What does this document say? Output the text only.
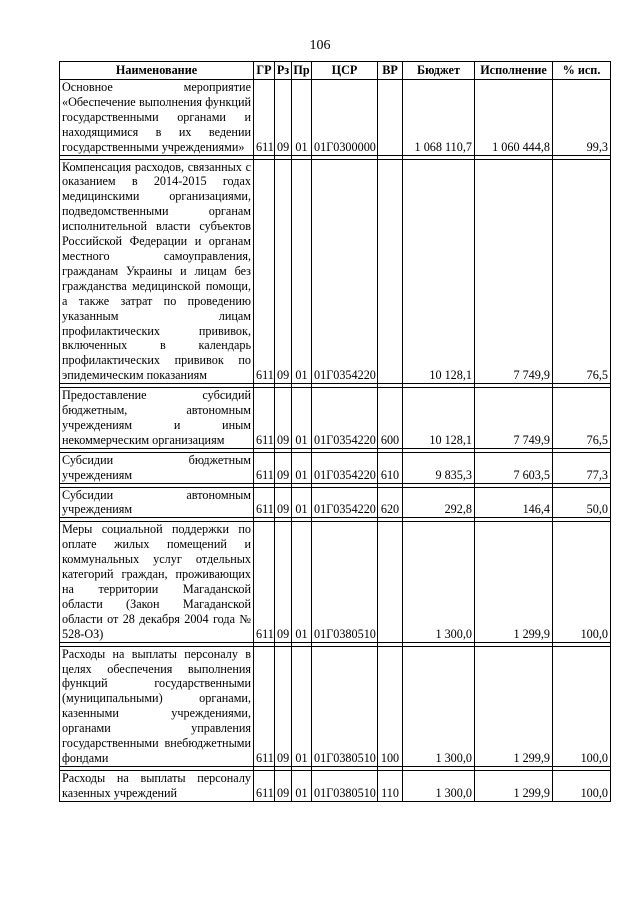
106
Наименование	ГР	Рз	Пр	ЦСР	ВР	Бюджет	Исполнение	% исп.
Основное мероприятие «Обеспечение выполнения функций государственными органами и находящимися в их ведении государственными учреждениями»	611	09	01	01Г0300000		1 068 110,7	1 060 444,8	99,3

Компенсация расходов, связанных с оказанием в 2014-2015 годах медицинскими организациями, подведомственными органам исполнительной власти субъектов Российской Федерации и органам местного самоуправления, гражданам Украины и лицам без гражданства медицинской помощи, а также затрат по проведению указанным лицам профилактических прививок, включенных в календарь профилактических прививок по эпидемическим показаниям	611	09	01	01Г0354220		10 128,1	7 749,9	76,5

Предоставление субсидий бюджетным, автономным учреждениям и иным некоммерческим организациям	611	09	01	01Г0354220	600	10 128,1	7 749,9	76,5

Субсидии бюджетным учреждениям	611	09	01	01Г0354220	610	9 835,3	7 603,5	77,3

Субсидии автономным учреждениям	611	09	01	01Г0354220	620	292,8	146,4	50,0

Меры социальной поддержки по оплате жилых помещений и коммунальных услуг отдельных категорий граждан, проживающих на территории Магаданской области (Закон Магаданской области от 28 декабря 2004 года № 528-ОЗ)	611	09	01	01Г0380510		1 300,0	1 299,9	100,0

Расходы на выплаты персоналу в целях обеспечения выполнения функций государственными (муниципальными) органами, казенными учреждениями, органами управления государственными внебюджетными фондами	611	09	01	01Г0380510	100	1 300,0	1 299,9	100,0

Расходы на выплаты персоналу казенных учреждений	611	09	01	01Г0380510	110	1 300,0	1 299,9	100,0
